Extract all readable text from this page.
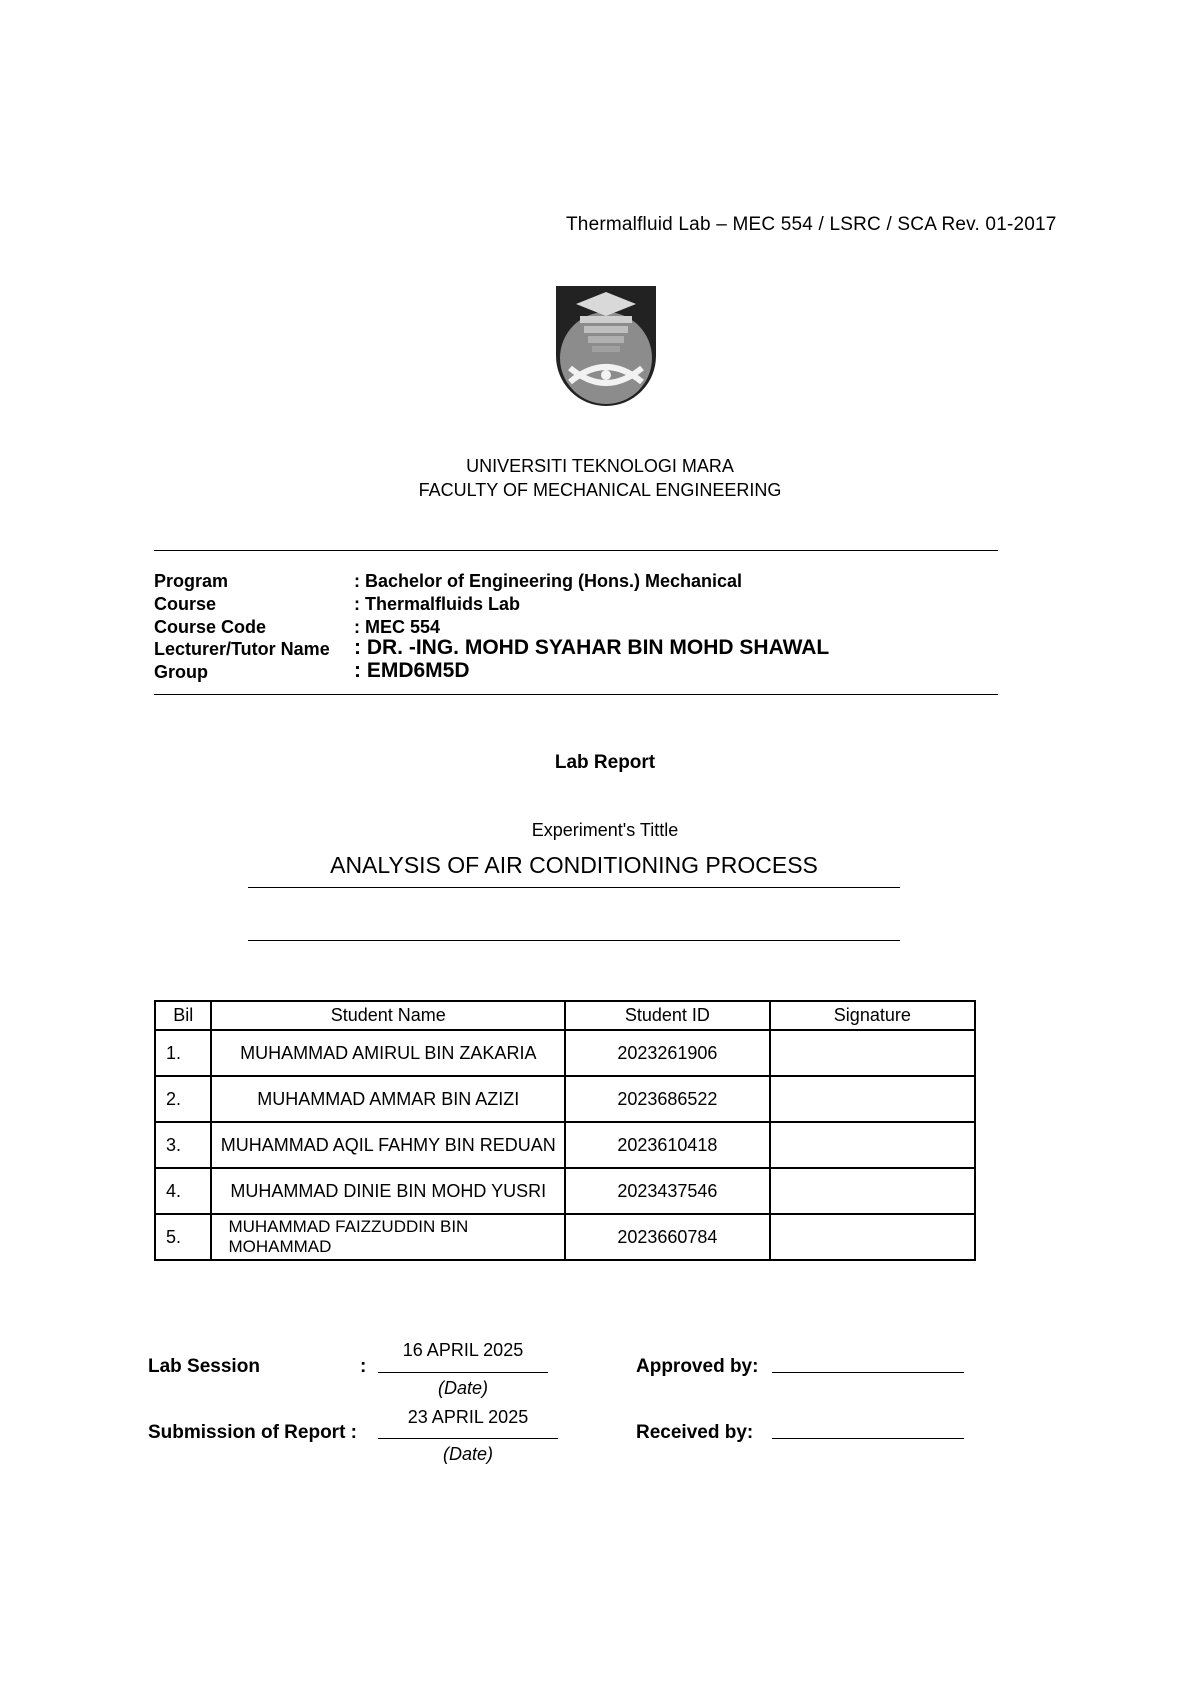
Thermalfluid Lab – MEC 554 / LSRC / SCA Rev. 01-2017
UNIVERSITI TEKNOLOGI MARA
FACULTY OF MECHANICAL ENGINEERING
Program	: Bachelor of Engineering (Hons.) Mechanical
Course	: Thermalfluids Lab
Course Code	: MEC 554
Lecturer/Tutor Name : DR. -ING. MOHD SYAHAR BIN MOHD SHAWAL
Group	: EMD6M5D
Lab Report
Experiment's Tittle
ANALYSIS OF AIR CONDITIONING PROCESS
Bil	Student Name	Student ID	Signature
1.	MUHAMMAD AMIRUL BIN ZAKARIA	2023261906	
2.	MUHAMMAD AMMAR BIN AZIZI	2023686522	
3.	MUHAMMAD AQIL FAHMY BIN REDUAN	2023610418	
4.	MUHAMMAD DINIE BIN MOHD YUSRI	2023437546	
5.	MUHAMMAD FAIZZUDDIN BIN MOHAMMAD	2023660784	
Lab Session	:
16 APRIL 2025
(Date)
Submission of Report :
23 APRIL 2025
(Date)
Approved by:
Received by:
